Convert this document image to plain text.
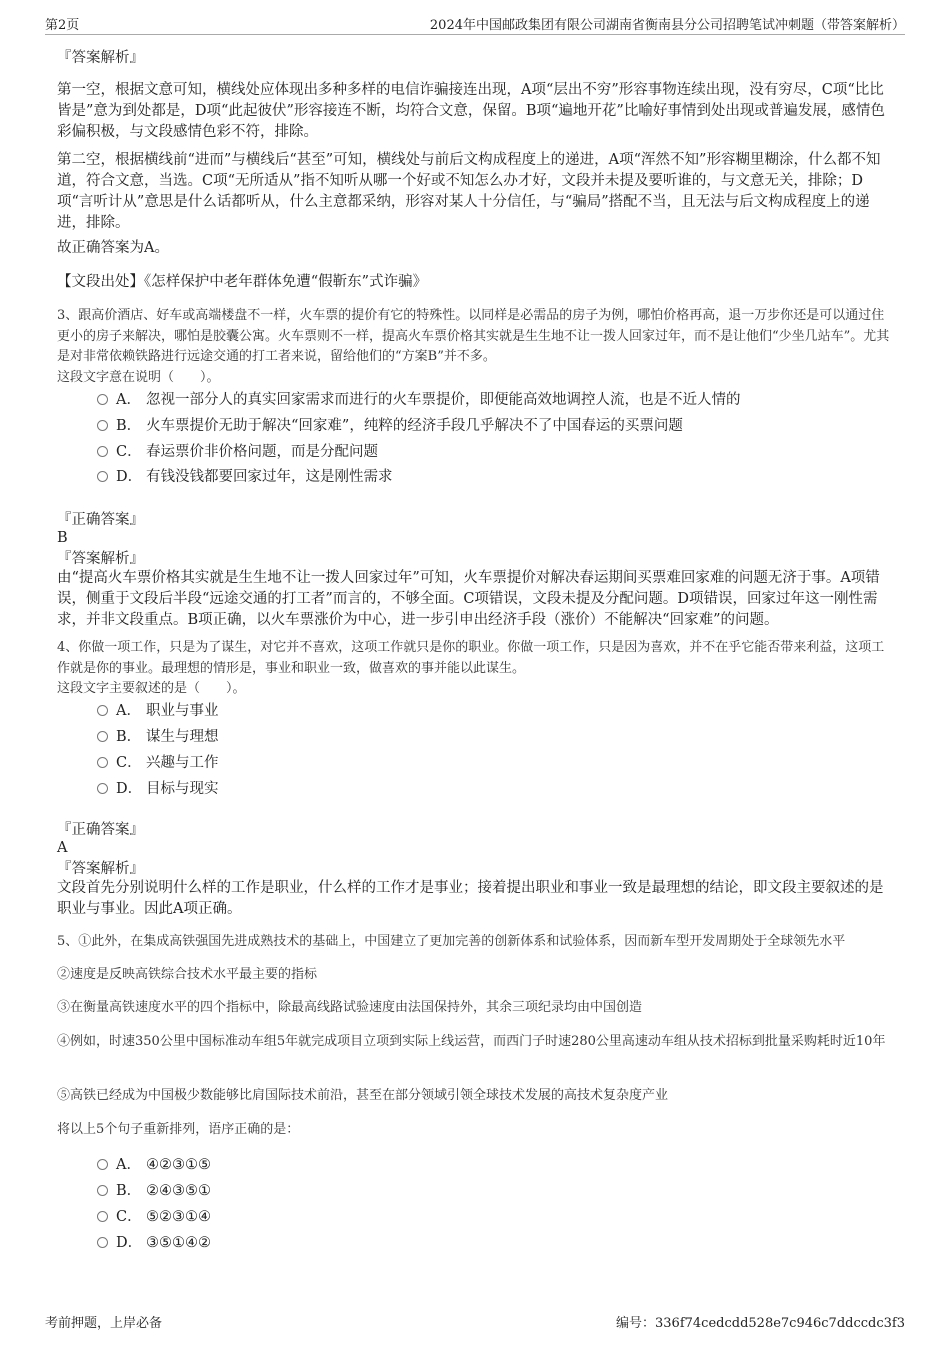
第2页	2024年中国邮政集团有限公司湖南省衡南县分公司招聘笔试冲刺题（带答案解析）

『答案解析』

第一空，根据文意可知，横线处应体现出多种多样的电信诈骗接连出现，A项“层出不穷”形容事物连续出现，没有穷尽，C项“比比皆是”意为到处都是，D项“此起彼伏”形容接连不断，均符合文意，保留。B项“遍地开花”比喻好事情到处出现或普遍发展，感情色彩偏积极，与文段感情色彩不符，排除。

第二空，根据横线前“进而”与横线后“甚至”可知，横线处与前后文构成程度上的递进，A项“浑然不知”形容糊里糊涂，什么都不知道，符合文意，当选。C项“无所适从”指不知听从哪一个好或不知怎么办才好，文段并未提及要听谁的，与文意无关，排除；D项“言听计从”意思是什么话都听从，什么主意都采纳，形容对某人十分信任，与“骗局”搭配不当，且无法与后文构成程度上的递进，排除。

故正确答案为A。

【文段出处】《怎样保护中老年群体免遭“假靳东”式诈骗》

3、跟高价酒店、好车或高端楼盘不一样，火车票的提价有它的特殊性。以同样是必需品的房子为例，哪怕价格再高，退一万步你还是可以通过住更小的房子来解决，哪怕是胶囊公寓。火车票则不一样，提高火车票价格其实就是生生地不让一拨人回家过年，而不是让他们“少坐几站车”。尤其是对非常依赖铁路进行远途交通的打工者来说，留给他们的“方案B”并不多。

这段文字意在说明（　　）。

A． 忽视一部分人的真实回家需求而进行的火车票提价，即便能高效地调控人流，也是不近人情的
B． 火车票提价无助于解决“回家难”，纯粹的经济手段几乎解决不了中国春运的买票问题
C． 春运票价非价格问题，而是分配问题
D． 有钱没钱都要回家过年，这是刚性需求

『正确答案』

B

『答案解析』

由“提高火车票价格其实就是生生地不让一拨人回家过年”可知，火车票提价对解决春运期间买票难回家难的问题无济于事。A项错误，侧重于文段后半段“远途交通的打工者”而言的，不够全面。C项错误，文段未提及分配问题。D项错误，回家过年这一刚性需求，并非文段重点。B项正确，以火车票涨价为中心，进一步引申出经济手段（涨价）不能解决“回家难”的问题。

4、你做一项工作，只是为了谋生，对它并不喜欢，这项工作就只是你的职业。你做一项工作，只是因为喜欢，并不在乎它能否带来利益，这项工作就是你的事业。最理想的情形是，事业和职业一致，做喜欢的事并能以此谋生。

这段文字主要叙述的是（　　）。

A． 职业与事业
B． 谋生与理想
C． 兴趣与工作
D． 目标与现实

『正确答案』

A

『答案解析』

文段首先分别说明什么样的工作是职业，什么样的工作才是事业；接着提出职业和事业一致是最理想的结论，即文段主要叙述的是职业与事业。因此A项正确。

5、①此外，在集成高铁强国先进成熟技术的基础上，中国建立了更加完善的创新体系和试验体系，因而新车型开发周期处于全球领先水平

②速度是反映高铁综合技术水平最主要的指标

③在衡量高铁速度水平的四个指标中，除最高线路试验速度由法国保持外，其余三项纪录均由中国创造

④例如，时速350公里中国标准动车组5年就完成项目立项到实际上线运营，而西门子时速280公里高速动车组从技术招标到批量采购耗时近10年

⑤高铁已经成为中国极少数能够比肩国际技术前沿，甚至在部分领域引领全球技术发展的高技术复杂度产业

将以上5个句子重新排列，语序正确的是：

A． ④②③①⑤
B． ②④③⑤①
C． ⑤②③①④
D． ③⑤①④②
考前押题，上岸必备	编号：336f74cedcdd528e7c946c7ddccdc3f3
